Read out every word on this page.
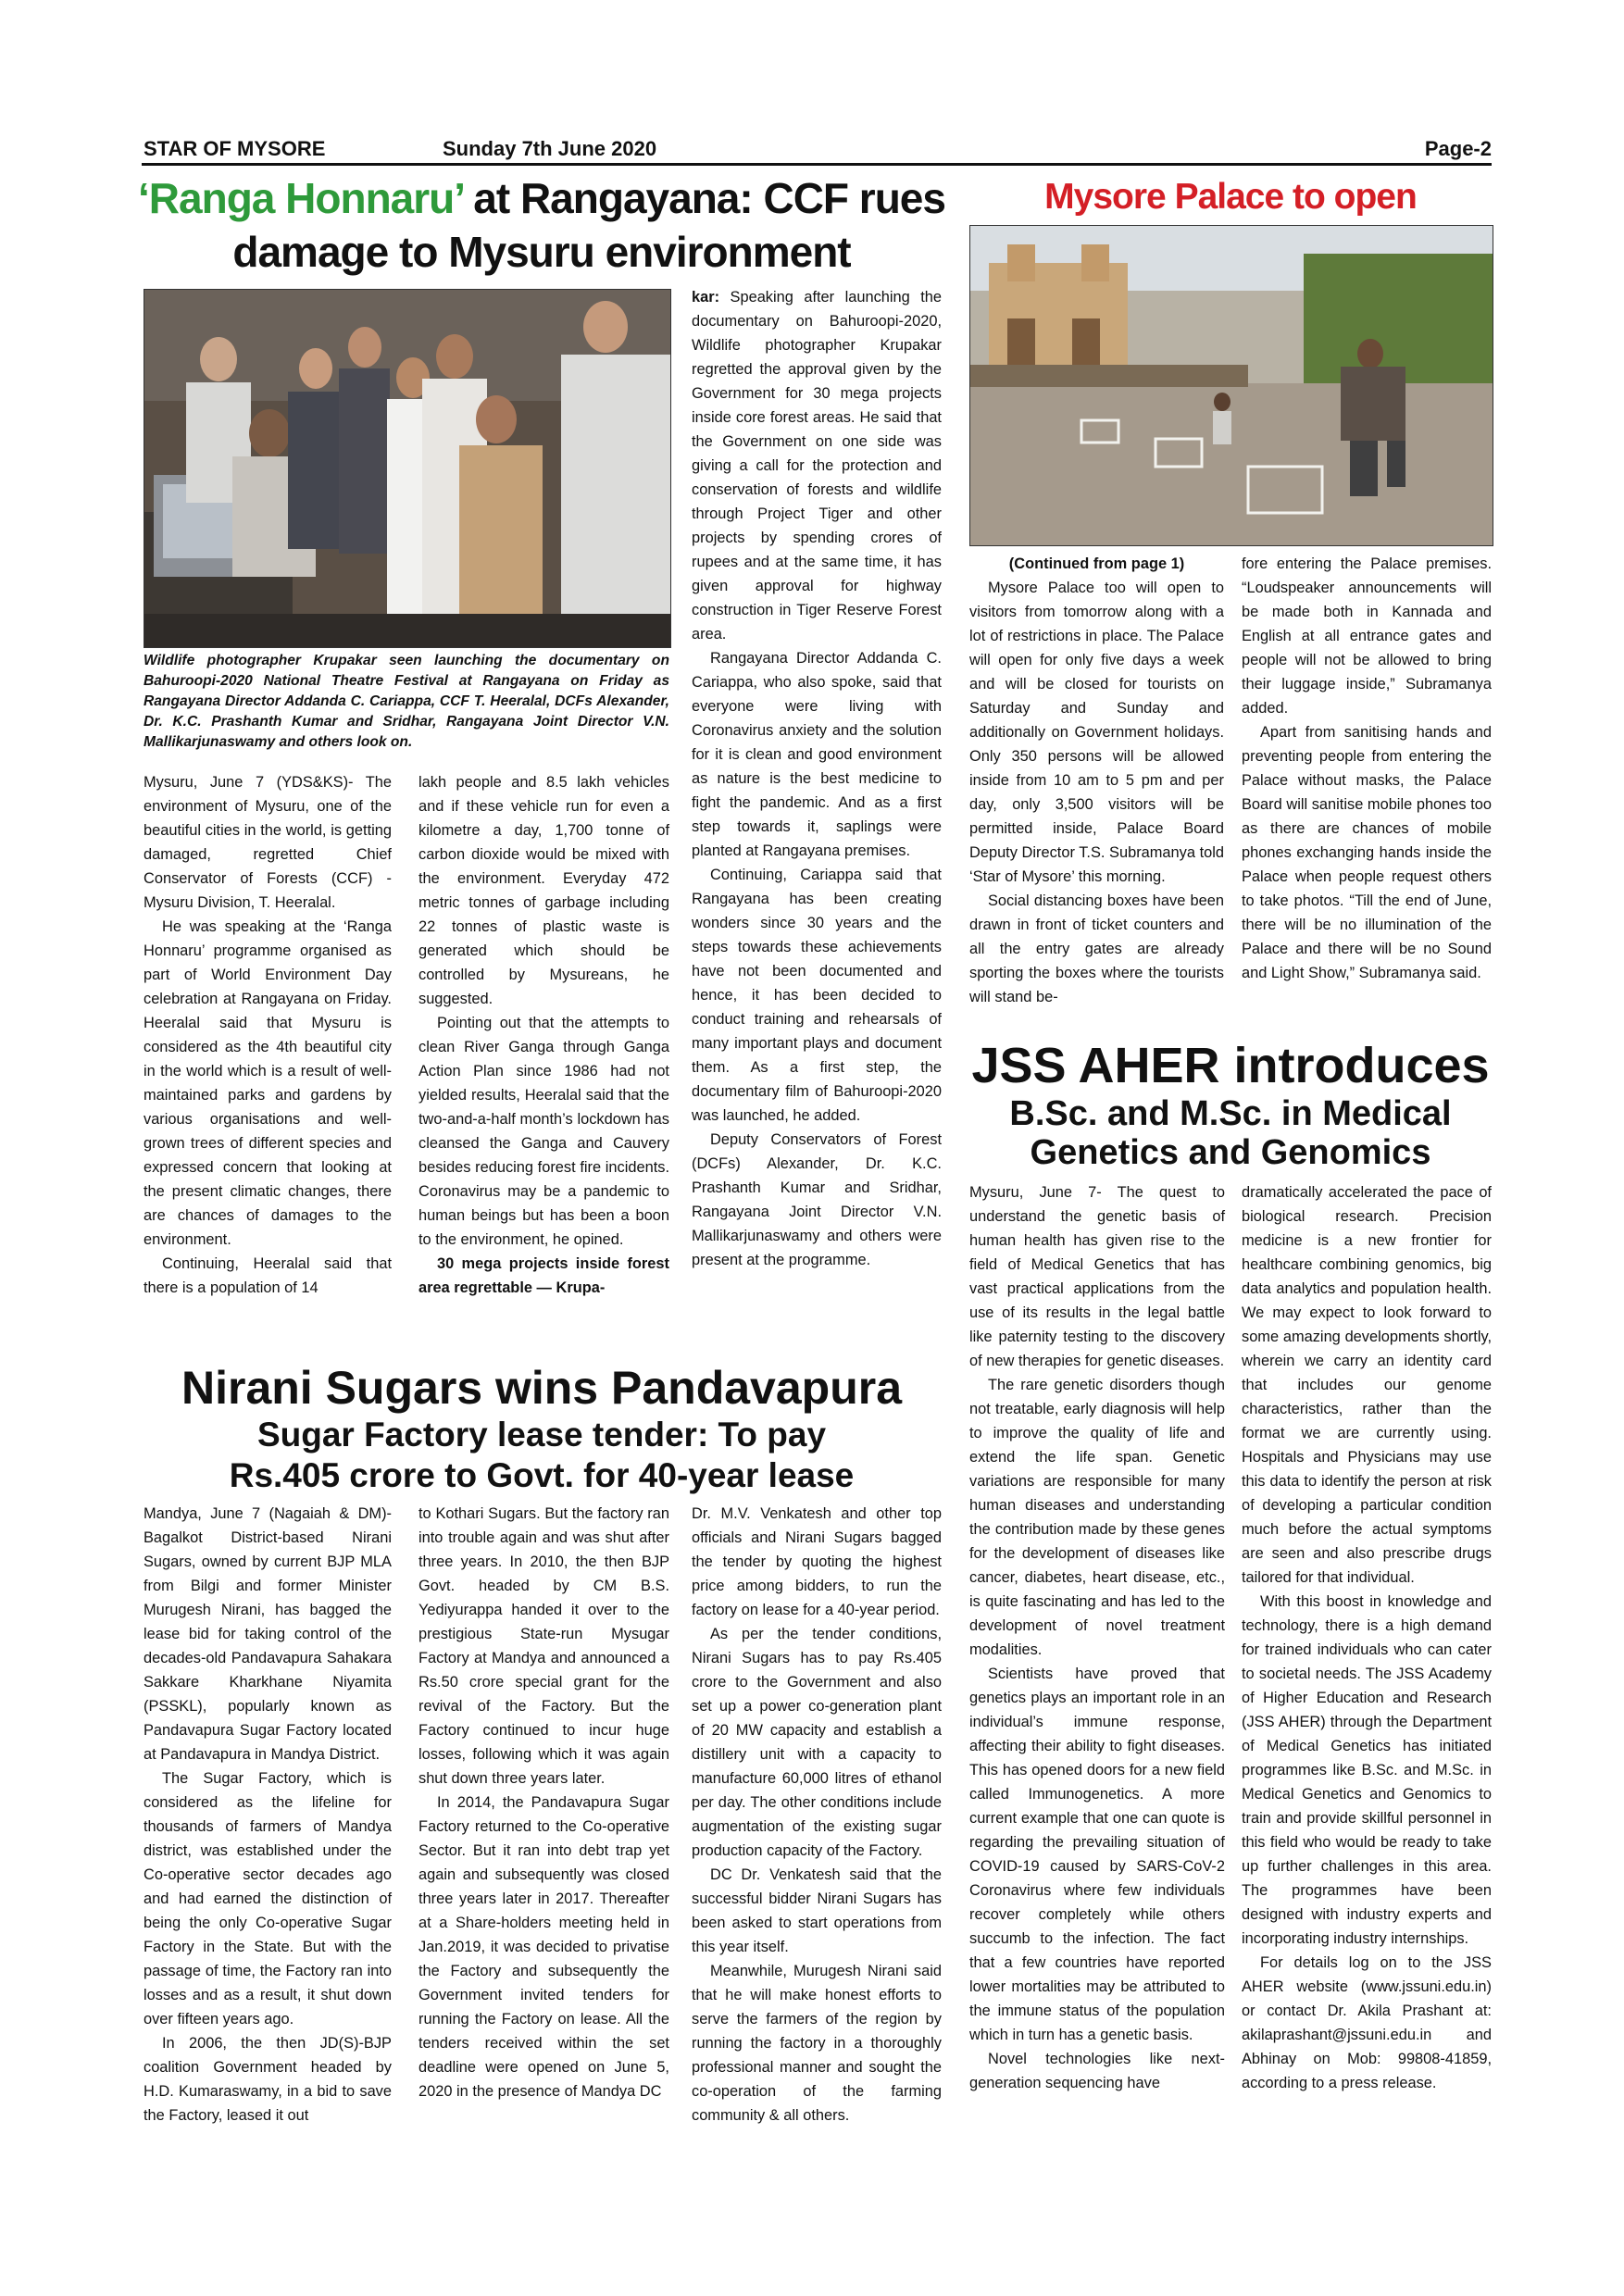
STAR OF MYSORE	Sunday 7th June 2020	Page-2
‘Ranga Honnaru’ at Rangayana: CCF rues
damage to Mysuru environment
Wildlife photographer Krupakar seen launching the documentary on Bahuroopi-2020 National Theatre Festival at Rangayana on Friday as Rangayana Director Addanda C. Cariappa, CCF T. Heeralal, DCFs Alexander, Dr. K.C. Prashanth Kumar and Sridhar, Rangayana Joint Director V.N. Mallikarjunaswamy and others look on.

Mysuru, June 7 (YDS&KS)- The environment of Mysuru, one of the beautiful cities in the world, is getting damaged, regretted Chief Conservator of Forests (CCF) - Mysuru Division, T. Heeralal.

He was speaking at the ‘Ranga Honnaru’ programme organised as part of World Environment Day celebration at Rangayana on Friday. Heeralal said that Mysuru is considered as the 4th beautiful city in the world which is a result of well-maintained parks and gardens by various organisations and well-grown trees of different species and expressed concern that looking at the present climatic changes, there are chances of damages to the environment.

Continuing, Heeralal said that there is a population of 14

lakh people and 8.5 lakh vehicles and if these vehicle run for even a kilometre a day, 1,700 tonne of carbon dioxide would be mixed with the environment. Everyday 472 metric tonnes of garbage including 22 tonnes of plastic waste is generated which should be controlled by Mysureans, he suggested.

Pointing out that the attempts to clean River Ganga through Ganga Action Plan since 1986 had not yielded results, Heeralal said that the two-and-a-half month’s lockdown has cleansed the Ganga and Cauvery besides reducing forest fire incidents. Coronavirus may be a pandemic to human beings but has been a boon to the environment, he opined.

30 mega projects inside forest area regrettable — Krupa-

kar: Speaking after launching the documentary on Bahuroopi-2020, Wildlife photographer Krupakar regretted the approval given by the Government for 30 mega projects inside core forest areas. He said that the Government on one side was giving a call for the protection and conservation of forests and wildlife through Project Tiger and other projects by spending crores of rupees and at the same time, it has given approval for highway construction in Tiger Reserve Forest area.

Rangayana Director Addanda C. Cariappa, who also spoke, said that everyone were living with Coronavirus anxiety and the solution for it is clean and good environment as nature is the best medicine to fight the pandemic. And as a first step towards it, saplings were planted at Rangayana premises.

Continuing, Cariappa said that Rangayana has been creating wonders since 30 years and the steps towards these achievements have not been documented and hence, it has been decided to conduct training and rehearsals of many important plays and document them. As a first step, the documentary film of Bahuroopi-2020 was launched, he added.

Deputy Conservators of Forest (DCFs) Alexander, Dr. K.C. Prashanth Kumar and Sridhar, Rangayana Joint Director V.N. Mallikarjunaswamy and others were present at the programme.

Mysore Palace to open

(Continued from page 1)

Mysore Palace too will open to visitors from tomorrow along with a lot of restrictions in place. The Palace will open for only five days a week and will be closed for tourists on Saturday and Sunday and additionally on Government holidays. Only 350 persons will be allowed inside from 10 am to 5 pm and per day, only 3,500 visitors will be permitted inside, Palace Board Deputy Director T.S. Subramanya told ‘Star of Mysore’ this morning.

Social distancing boxes have been drawn in front of ticket counters and all the entry gates are already sporting the boxes where the tourists will stand be-

fore entering the Palace premises. “Loudspeaker announcements will be made both in Kannada and English at all entrance gates and people will not be allowed to bring their luggage inside,” Subramanya added.

Apart from sanitising hands and preventing people from entering the Palace without masks, the Palace Board will sanitise mobile phones too as there are chances of mobile phones exchanging hands inside the Palace when people request others to take photos. “Till the end of June, there will be no illumination of the Palace and there will be no Sound and Light Show,” Subramanya said.

JSS AHER introduces
B.Sc. and M.Sc. in Medical
Genetics and Genomics

Mysuru, June 7- The quest to understand the genetic basis of human health has given rise to the field of Medical Genetics that has vast practical applications from the use of its results in the legal battle like paternity testing to the discovery of new therapies for genetic diseases.

The rare genetic disorders though not treatable, early diagnosis will help to improve the quality of life and extend the life span. Genetic variations are responsible for many human diseases and understanding the contribution made by these genes for the development of diseases like cancer, diabetes, heart disease, etc., is quite fascinating and has led to the development of novel treatment modalities.

Scientists have proved that genetics plays an important role in an individual’s immune response, affecting their ability to fight diseases. This has opened doors for a new field called Immunogenetics. A more current example that one can quote is regarding the prevailing situation of COVID-19 caused by SARS-CoV-2 Coronavirus where few individuals recover completely while others succumb to the infection. The fact that a few countries have reported lower mortalities may be attributed to the immune status of the population which in turn has a genetic basis.

Novel technologies like next-generation sequencing have

dramatically accelerated the pace of biological research. Precision medicine is a new frontier for healthcare combining genomics, big data analytics and population health. We may expect to look forward to some amazing developments shortly, wherein we carry an identity card that includes our genome characteristics, rather than the format we are currently using. Hospitals and Physicians may use this data to identify the person at risk of developing a particular condition much before the actual symptoms are seen and also prescribe drugs tailored for that individual.

With this boost in knowledge and technology, there is a high demand for trained individuals who can cater to societal needs. The JSS Academy of Higher Education and Research (JSS AHER) through the Department of Medical Genetics has initiated programmes like B.Sc. and M.Sc. in Medical Genetics and Genomics to train and provide skillful personnel in this field who would be ready to take up further challenges in this area. The programmes have been designed with industry experts and incorporating industry internships.

For details log on to the JSS AHER website (www.jssuni.edu.in) or contact Dr. Akila Prashant at: akilaprashant@jssuni.edu.in and Abhinay on Mob: 99808-41859, according to a press release.

Nirani Sugars wins Pandavapura
Sugar Factory lease tender: To pay
Rs.405 crore to Govt. for 40-year lease

Mandya, June 7 (Nagaiah & DM)- Bagalkot District-based Nirani Sugars, owned by current BJP MLA from Bilgi and former Minister Murugesh Nirani, has bagged the lease bid for taking control of the decades-old Pandavapura Sahakara Sakkare Kharkhane Niyamita (PSSKL), popularly known as Pandavapura Sugar Factory located at Pandavapura in Mandya District.

The Sugar Factory, which is considered as the lifeline for thousands of farmers of Mandya district, was established under the Co-operative sector decades ago and had earned the distinction of being the only Co-operative Sugar Factory in the State. But with the passage of time, the Factory ran into losses and as a result, it shut down over fifteen years ago.

In 2006, the then JD(S)-BJP coalition Government headed by H.D. Kumaraswamy, in a bid to save the Factory, leased it out

to Kothari Sugars. But the factory ran into trouble again and was shut after three years. In 2010, the then BJP Govt. headed by CM B.S. Yediyurappa handed it over to the prestigious State-run Mysugar Factory at Mandya and announced a Rs.50 crore special grant for the revival of the Factory. But the Factory continued to incur huge losses, following which it was again shut down three years later.

In 2014, the Pandavapura Sugar Factory returned to the Co-operative Sector. But it ran into debt trap yet again and subsequently was closed three years later in 2017. Thereafter at a Share-holders meeting held in Jan.2019, it was decided to privatise the Factory and subsequently the Government invited tenders for running the Factory on lease. All the tenders received within the set deadline were opened on June 5, 2020 in the presence of Mandya DC

Dr. M.V. Venkatesh and other top officials and Nirani Sugars bagged the tender by quoting the highest price among bidders, to run the factory on lease for a 40-year period.

As per the tender conditions, Nirani Sugars has to pay Rs.405 crore to the Government and also set up a power co-generation plant of 20 MW capacity and establish a distillery unit with a capacity to manufacture 60,000 litres of ethanol per day. The other conditions include augmentation of the existing sugar production capacity of the Factory.

DC Dr. Venkatesh said that the successful bidder Nirani Sugars has been asked to start operations from this year itself.

Meanwhile, Murugesh Nirani said that he will make honest efforts to serve the farmers of the region by running the factory in a thoroughly professional manner and sought the co-operation of the farming community & all others.
